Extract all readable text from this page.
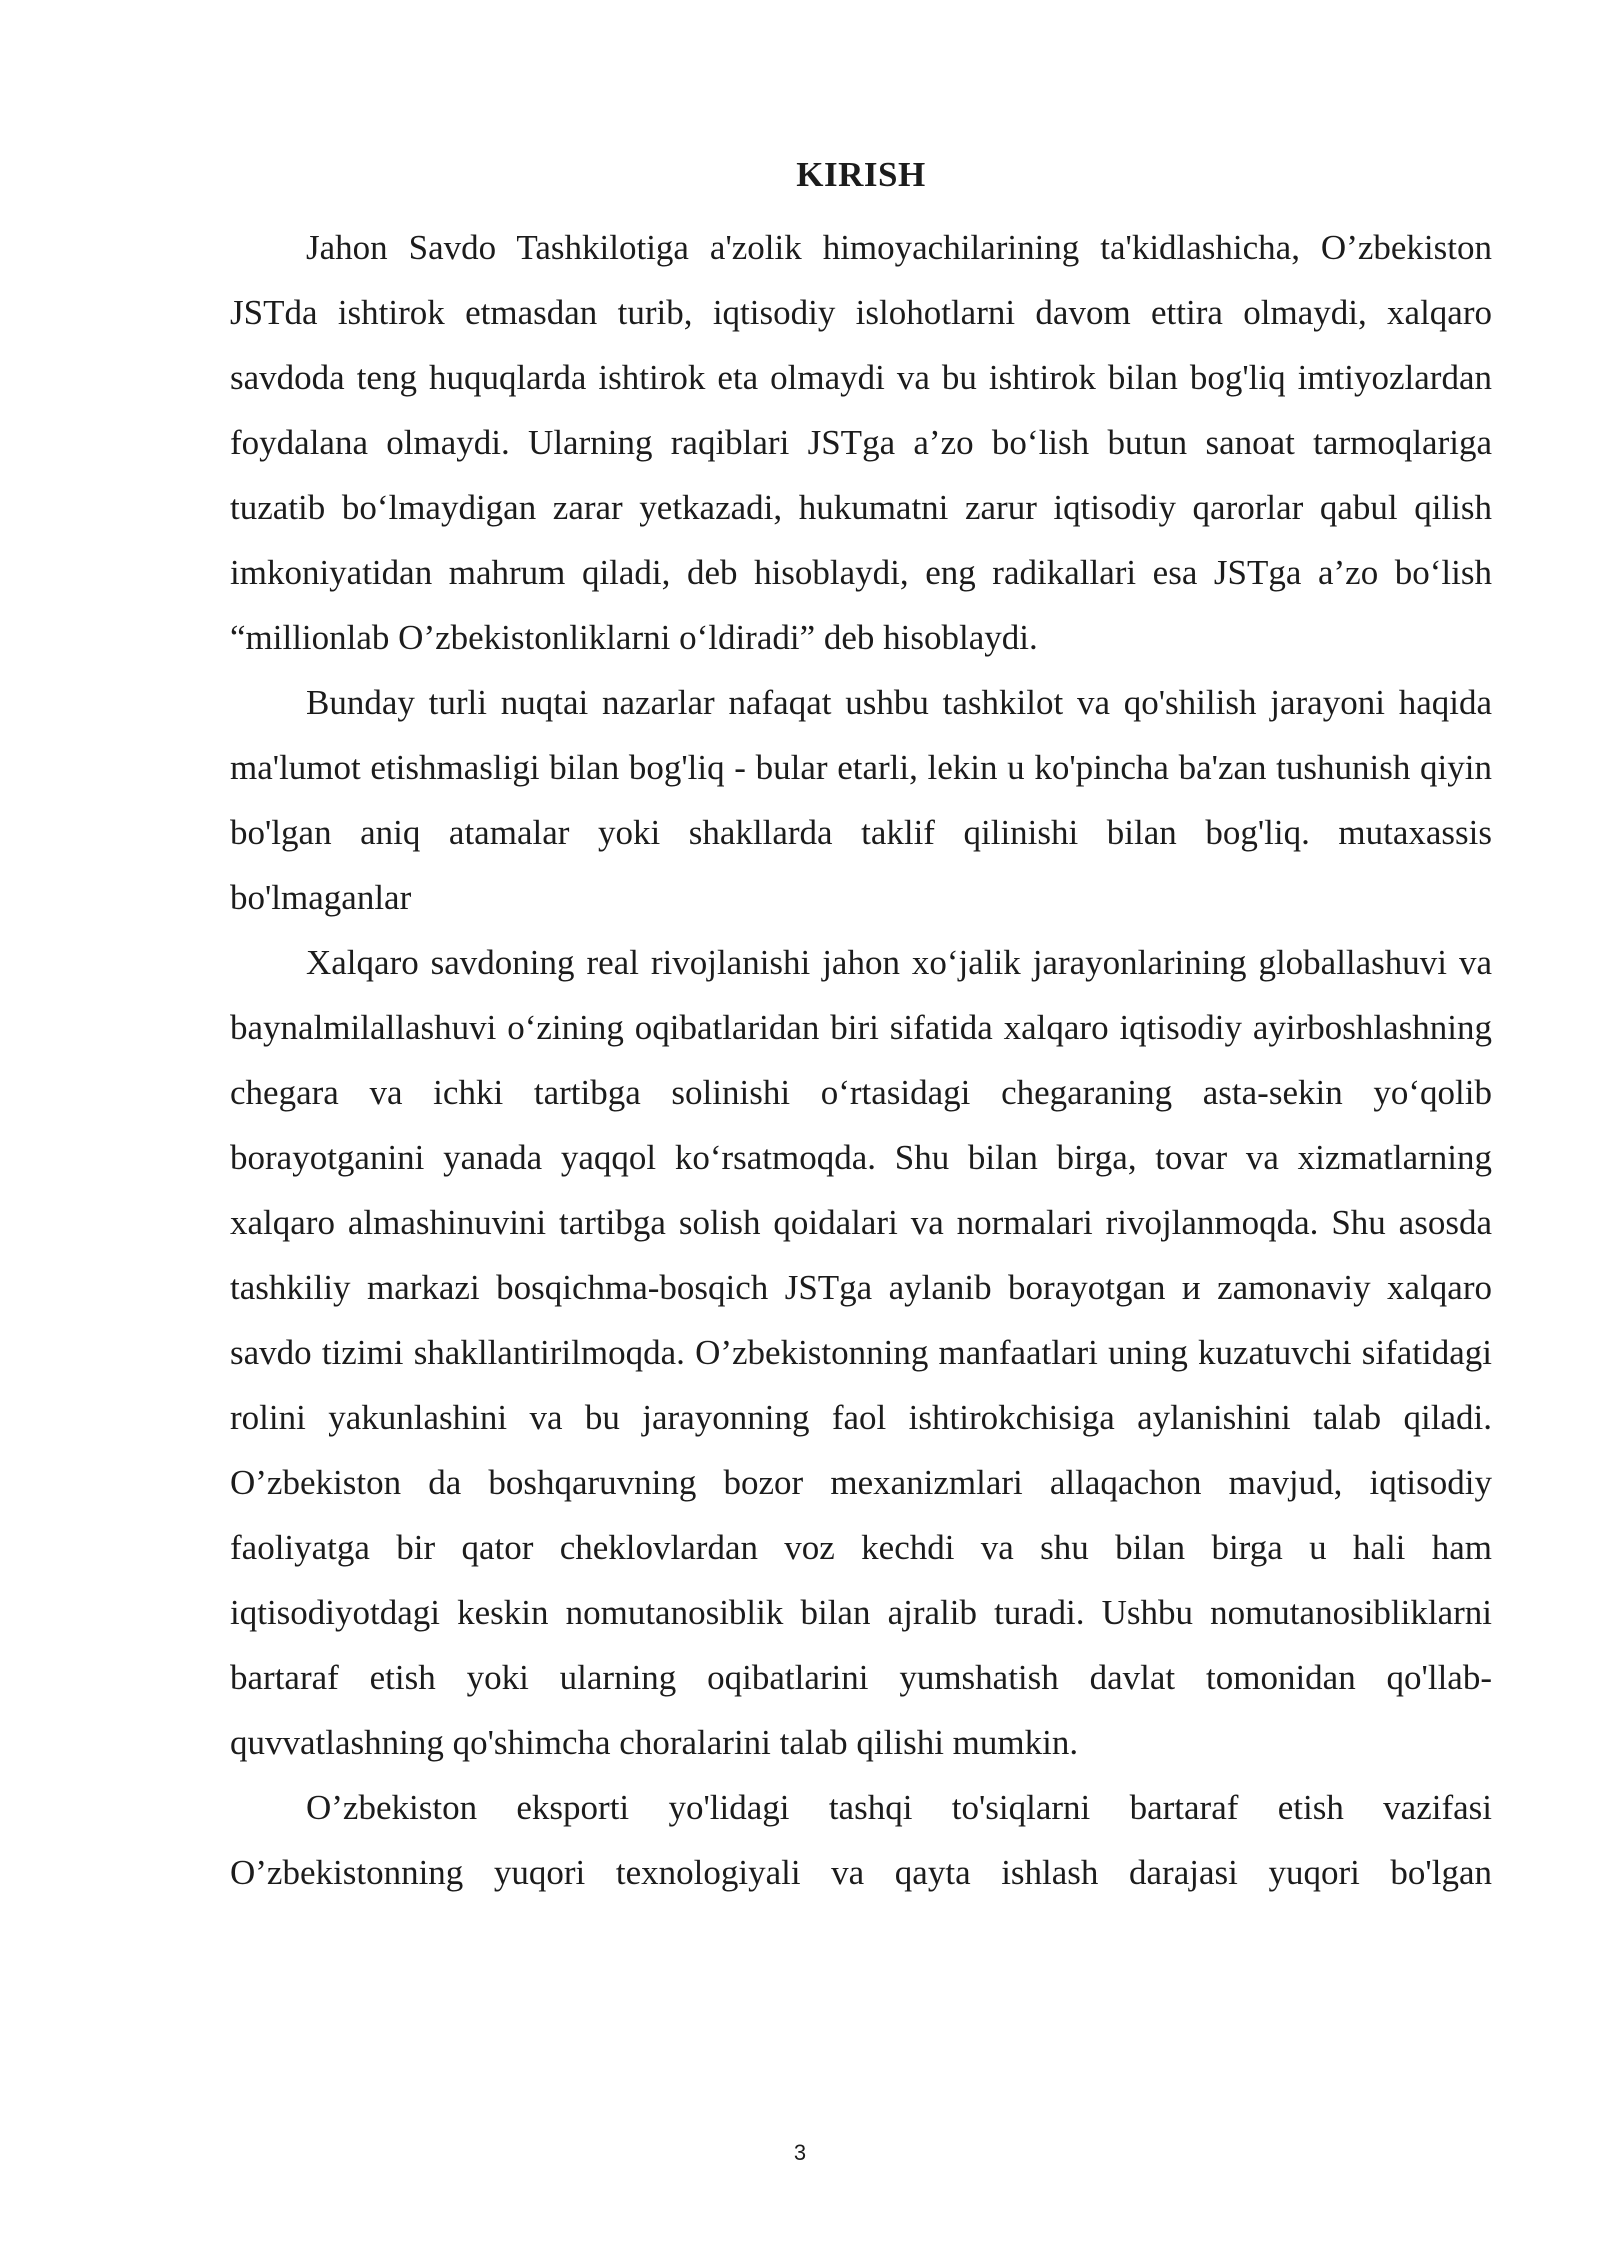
KIRISH

Jahon Savdo Tashkilotiga a'zolik himoyachilarining ta'kidlashicha, O’zbekiston JSTda ishtirok etmasdan turib, iqtisodiy islohotlarni davom ettira olmaydi, xalqaro savdoda teng huquqlarda ishtirok eta olmaydi va bu ishtirok bilan bog'liq imtiyozlardan foydalana olmaydi. Ularning raqiblari JSTga a’zo bo‘lish butun sanoat tarmoqlariga tuzatib bo‘lmaydigan zarar yetkazadi, hukumatni zarur iqtisodiy qarorlar qabul qilish imkoniyatidan mahrum qiladi, deb hisoblaydi, eng radikallari esa JSTga a’zo bo‘lish “millionlab O’zbekistonliklarni o‘ldiradi” deb hisoblaydi.

Bunday turli nuqtai nazarlar nafaqat ushbu tashkilot va qo'shilish jarayoni haqida ma'lumot etishmasligi bilan bog'liq - bular etarli, lekin u ko'pincha ba'zan tushunish qiyin bo'lgan aniq atamalar yoki shakllarda taklif qilinishi bilan bog'liq. mutaxassis bo'lmaganlar

Xalqaro savdoning real rivojlanishi jahon xo‘jalik jarayonlarining globallashuvi va baynalmilallashuvi o‘zining oqibatlaridan biri sifatida xalqaro iqtisodiy ayirboshlashning chegara va ichki tartibga solinishi o‘rtasidagi chegaraning asta-sekin yo‘qolib borayotganini yanada yaqqol ko‘rsatmoqda. Shu bilan birga, tovar va xizmatlarning xalqaro almashinuvini tartibga solish qoidalari va normalari rivojlanmoqda. Shu asosda tashkiliy markazi bosqichma-bosqich JSTga aylanib borayotgan и zamonaviy xalqaro savdo tizimi shakllantirilmoqda. O’zbekistonning manfaatlari uning kuzatuvchi sifatidagi rolini yakunlashini va bu jarayonning faol ishtirokchisiga aylanishini talab qiladi. O’zbekiston da boshqaruvning bozor mexanizmlari allaqachon mavjud, iqtisodiy faoliyatga bir qator cheklovlardan voz kechdi va shu bilan birga u hali ham iqtisodiyotdagi keskin nomutanosiblik bilan ajralib turadi. Ushbu nomutanosibliklarni bartaraf etish yoki ularning oqibatlarini yumshatish davlat tomonidan qo'llab-quvvatlashning qo'shimcha choralarini talab qilishi mumkin.

O’zbekiston eksporti yo'lidagi tashqi to'siqlarni bartaraf etish vazifasi O’zbekistonning yuqori texnologiyali va qayta ishlash darajasi yuqori bo'lgan

3
